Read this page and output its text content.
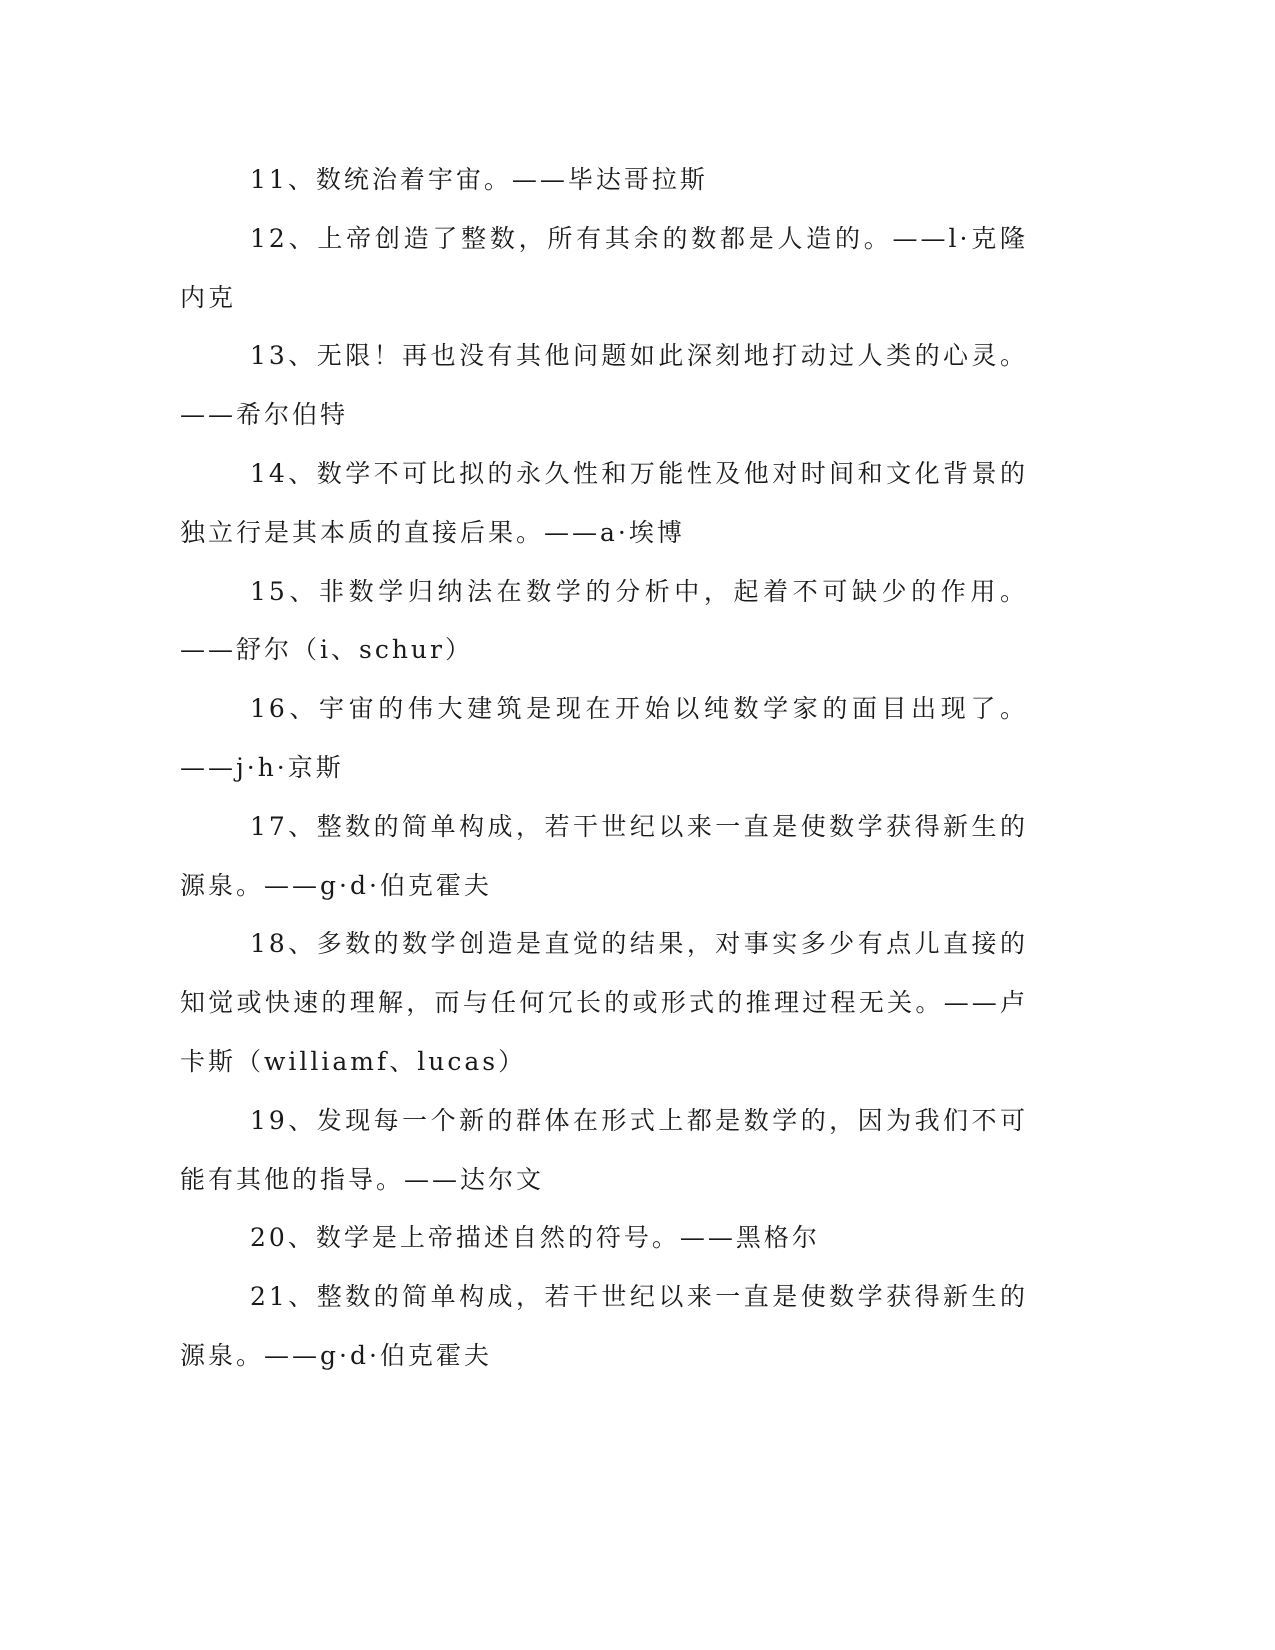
11、数统治着宇宙。——毕达哥拉斯

12、上帝创造了整数，所有其余的数都是人造的。——l·克隆内克

13、无限！再也没有其他问题如此深刻地打动过人类的心灵。——希尔伯特

14、数学不可比拟的永久性和万能性及他对时间和文化背景的独立行是其本质的直接后果。——a·埃博

15、非数学归纳法在数学的分析中，起着不可缺少的作用。——舒尔（i、schur）

16、宇宙的伟大建筑是现在开始以纯数学家的面目出现了。——j·h·京斯

17、整数的简单构成，若干世纪以来一直是使数学获得新生的源泉。——g·d·伯克霍夫

18、多数的数学创造是直觉的结果，对事实多少有点儿直接的知觉或快速的理解，而与任何冗长的或形式的推理过程无关。——卢卡斯（williamf、lucas）

19、发现每一个新的群体在形式上都是数学的，因为我们不可能有其他的指导。——达尔文

20、数学是上帝描述自然的符号。——黑格尔

21、整数的简单构成，若干世纪以来一直是使数学获得新生的源泉。——g·d·伯克霍夫
